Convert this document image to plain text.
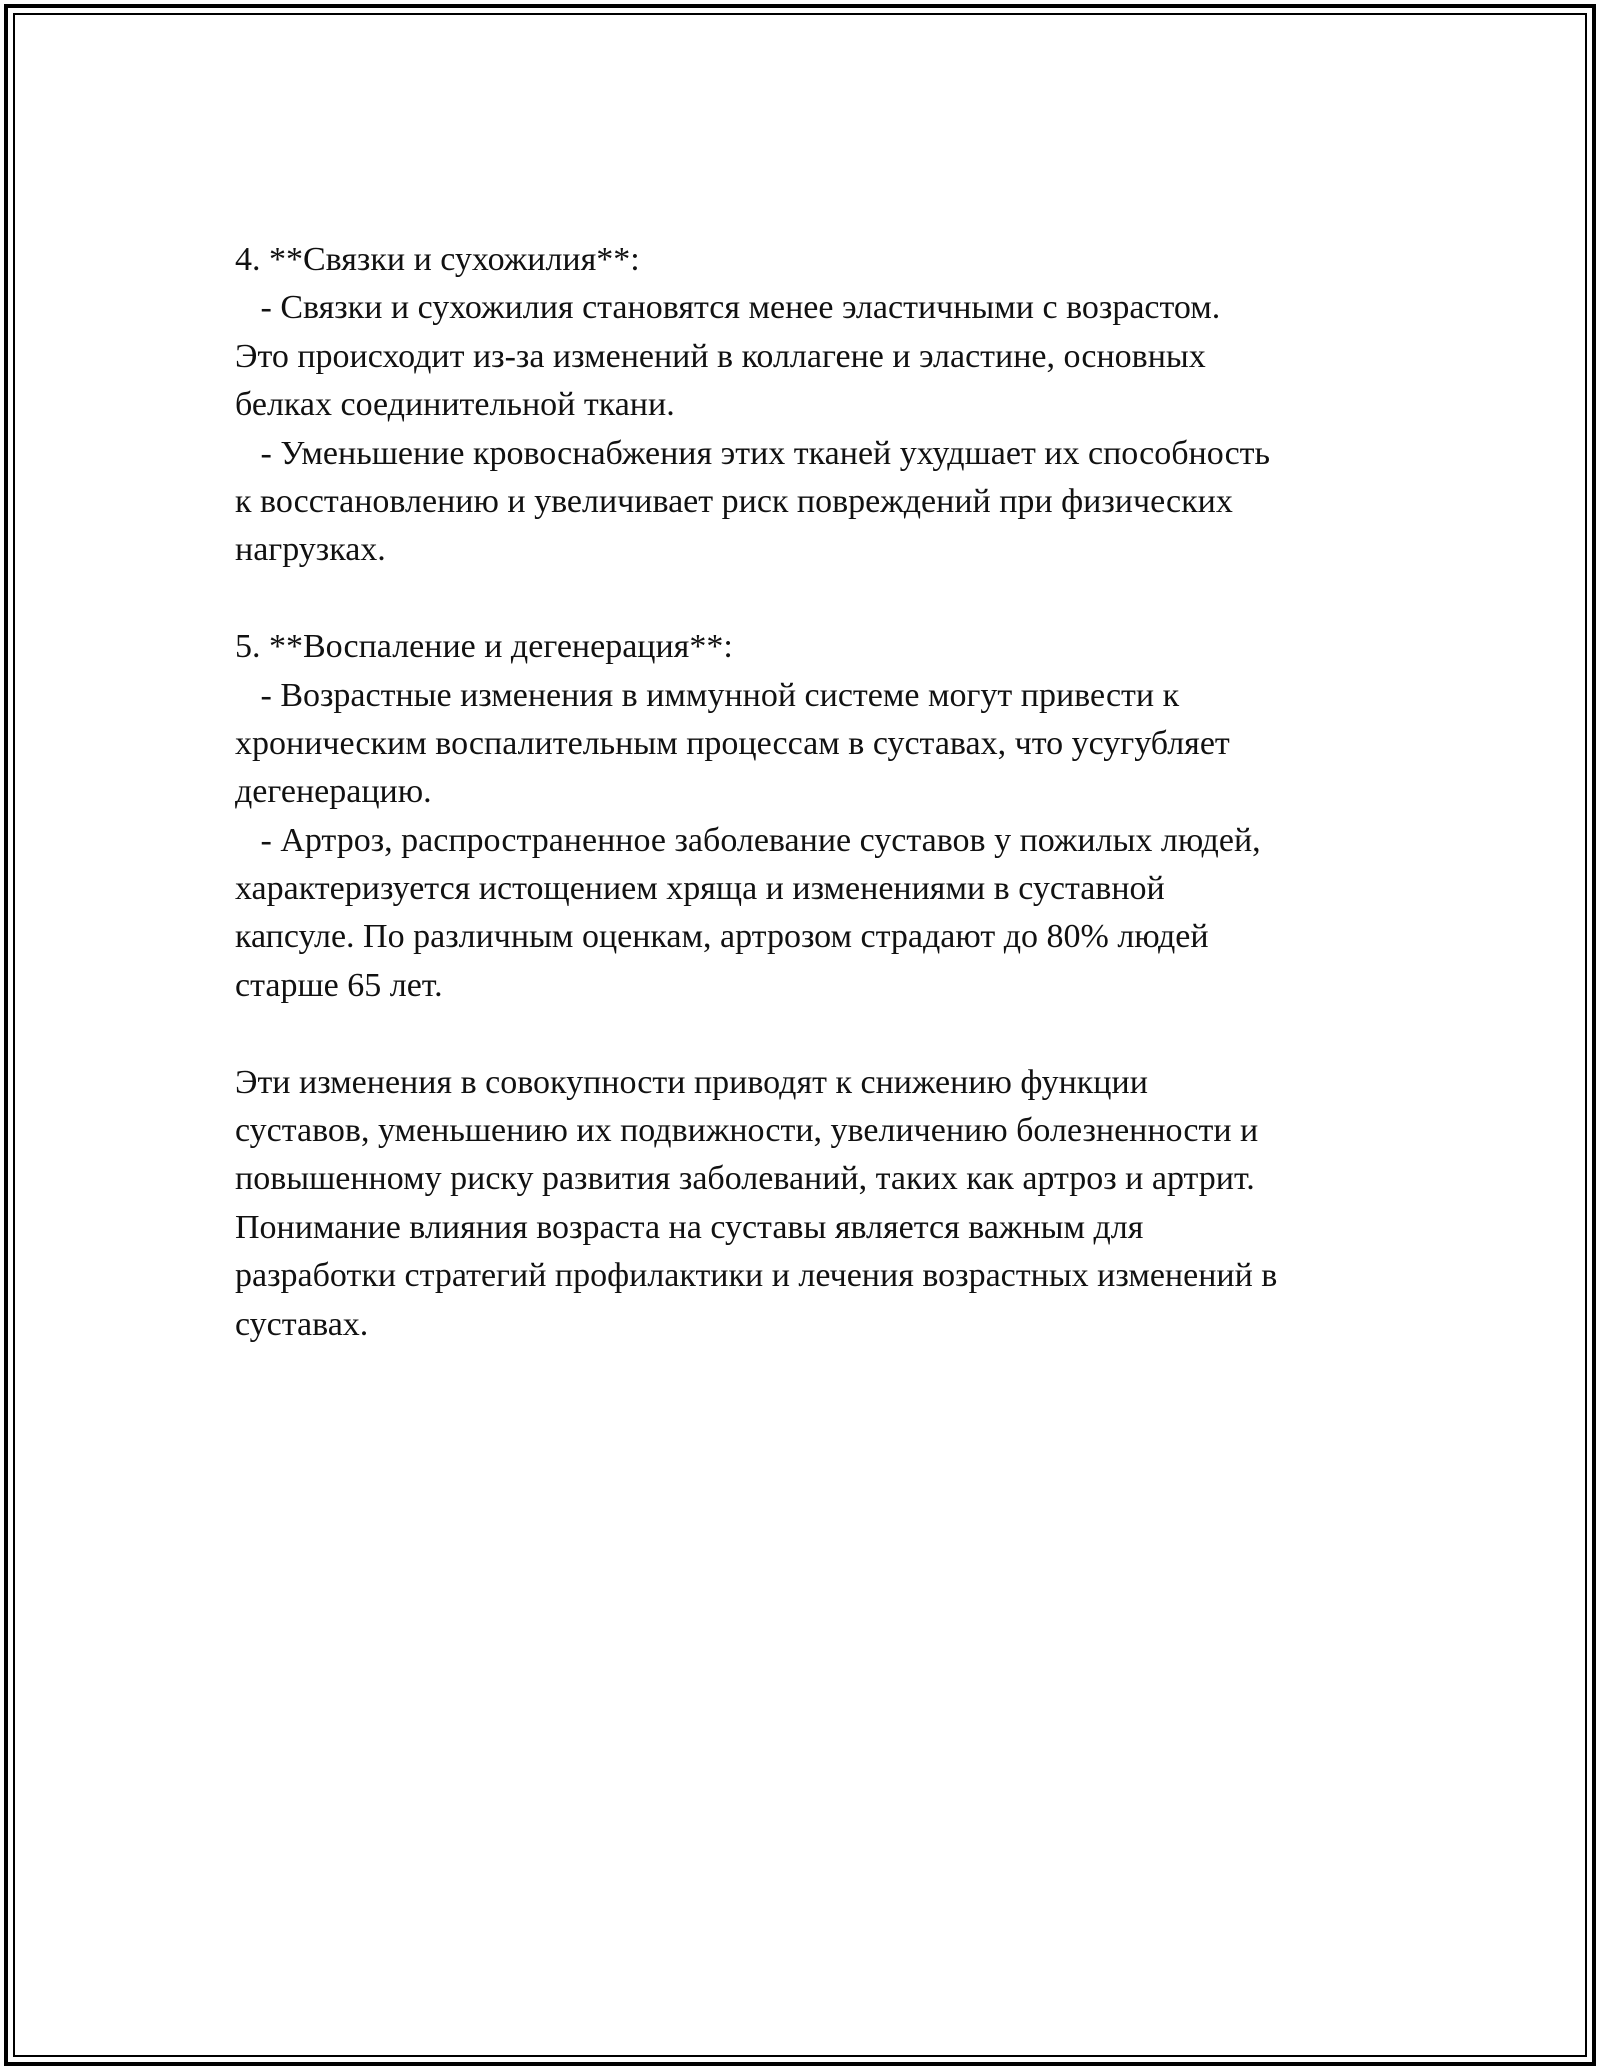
4. **Связки и сухожилия**:
- Связки и сухожилия становятся менее эластичными с возрастом.
Это происходит из-за изменений в коллагене и эластине, основных
белках соединительной ткани.
- Уменьшение кровоснабжения этих тканей ухудшает их способность
к восстановлению и увеличивает риск повреждений при физических
нагрузках.
5. **Воспаление и дегенерация**:
- Возрастные изменения в иммунной системе могут привести к
хроническим воспалительным процессам в суставах, что усугубляет
дегенерацию.
- Артроз, распространенное заболевание суставов у пожилых людей,
характеризуется истощением хряща и изменениями в суставной
капсуле. По различным оценкам, артрозом страдают до 80% людей
старше 65 лет.
Эти изменения в совокупности приводят к снижению функции
суставов, уменьшению их подвижности, увеличению болезненности и
повышенному риску развития заболеваний, таких как артроз и артрит.
Понимание влияния возраста на суставы является важным для
разработки стратегий профилактики и лечения возрастных изменений в
суставах.
